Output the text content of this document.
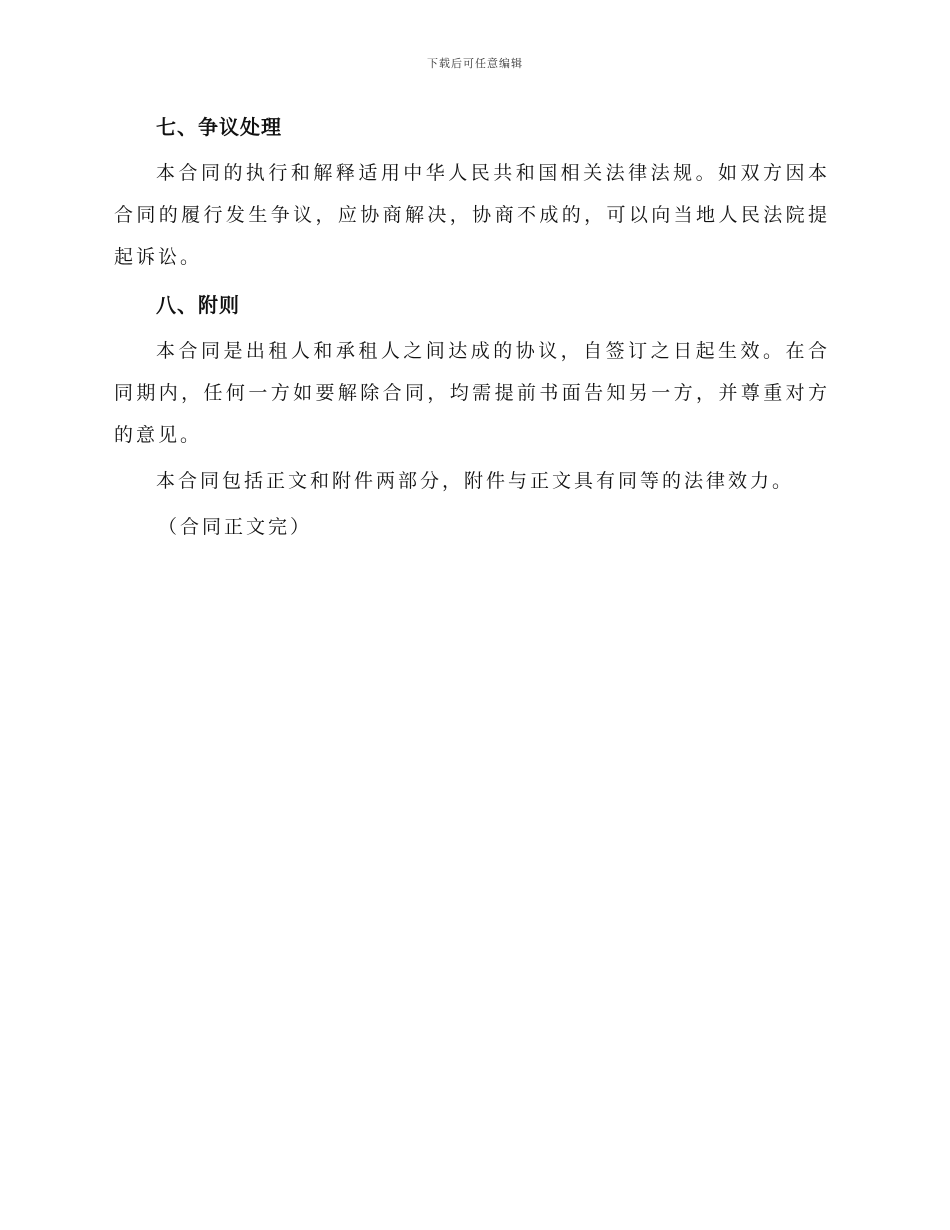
下载后可任意编辑
七、争议处理

本合同的执行和解释适用中华人民共和国相关法律法规。如双方因本合同的履行发生争议，应协商解决，协商不成的，可以向当地人民法院提起诉讼。

八、附则

本合同是出租人和承租人之间达成的协议，自签订之日起生效。在合同期内，任何一方如要解除合同，均需提前书面告知另一方，并尊重对方的意见。

本合同包括正文和附件两部分，附件与正文具有同等的法律效力。

（合同正文完）
